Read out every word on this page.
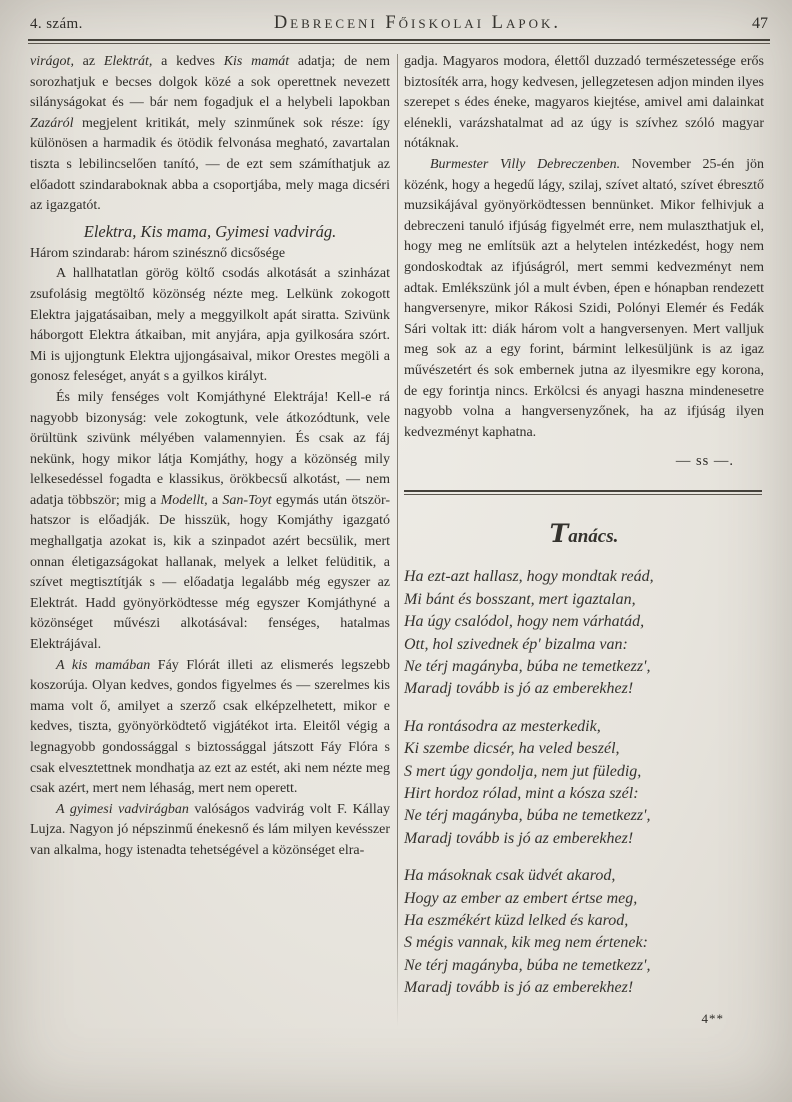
4. szám.	Debreceni Főiskolai Lapok.	47

virágot, az Elektrát, a kedves Kis mamát adatja; de nem sorozhatjuk e becses dolgok közé a sok operettnek nevezett silányságokat és — bár nem fogadjuk el a helybeli lapokban Zazáról megjelent kritikát, mely szinműnek sok része: így különösen a harmadik és ötödik felvonása megható, zavartalan tiszta s lebilincselően tanító, — de ezt sem számíthatjuk az előadott szindaraboknak abba a csoportjába, mely maga dicséri az igazgatót.

Elektra, Kis mama, Gyimesi vadvirág.

Három szindarab: három szinésznő dicsősége

A hallhatatlan görög költő csodás alkotását a szinházat zsufolásig megtöltő közönség nézte meg. Lelkünk zokogott Elektra jajgatásaiban, mely a meggyilkolt apát siratta. Szivünk háborgott Elektra átkaiban, mit anyjára, apja gyilkosára szórt. Mi is ujjongtunk Elektra ujjongásaival, mikor Orestes megöli a gonosz feleséget, anyát s a gyilkos királyt.

És mily fenséges volt Komjáthyné Elektrája! Kell-e rá nagyobb bizonyság: vele zokogtunk, vele átkozódtunk, vele örültünk szivünk mélyében valamennyien. És csak az fáj nekünk, hogy mikor látja Komjáthy, hogy a közönség mily lelkesedéssel fogadta e klassikus, örökbecsű alkotást, — nem adatja többször; mig a Modellt, a San-Toyt egymás után ötször-hatszor is előadják. De hisszük, hogy Komjáthy igazgató meghallgatja azokat is, kik a szinpadot azért becsülik, mert onnan életigazságokat hallanak, melyek a lelket felüditik, a szívet megtisztítják s — előadatja legalább még egyszer az Elektrát. Hadd gyönyörködtesse még egyszer Komjáthyné a közönséget művészi alkotásával: fenséges, hatalmas Elektrájával.

A kis mamában Fáy Flórát illeti az elismerés legszebb koszorúja. Olyan kedves, gondos figyelmes és — szerelmes kis mama volt ő, amilyet a szerző csak elképzelhetett, mikor e kedves, tiszta, gyönyörködtető vigjátékot irta. Eleitől végig a legnagyobb gondossággal s biztossággal játszott Fáy Flóra s csak elvesztettnek mondhatja az ezt az estét, aki nem nézte meg csak azért, mert nem léhaság, mert nem operett.

A gyimesi vadvirágban valóságos vadvirág volt F. Kállay Lujza. Nagyon jó népszinmű énekesnő és lám milyen kevésszer van alkalma, hogy istenadta tehetségével a közönséget elra-

gadja. Magyaros modora, élettől duzzadó természetessége erős biztosíték arra, hogy kedvesen, jellegzetesen adjon minden ilyes szerepet s édes éneke, magyaros kiejtése, amivel ami dalainkat elénekli, varázshatalmat ad az úgy is szívhez szóló magyar nótáknak.

Burmester Villy Debreczenben. November 25-én jön közénk, hogy a hegedű lágy, szilaj, szívet altató, szívet ébresztő muzsikájával gyönyörködtessen bennünket. Mikor felhivjuk a debreczeni tanuló ifjúság figyelmét erre, nem mulaszthatjuk el, hogy meg ne említsük azt a helytelen intézkedést, hogy nem gondoskodtak az ifjúságról, mert semmi kedvezményt nem adtak. Emlékszünk jól a mult évben, épen e hónapban rendezett hangversenyre, mikor Rákosi Szidi, Polónyi Elemér és Fedák Sári voltak itt: diák három volt a hangversenyen. Mert valljuk meg sok az a egy forint, bármint lelkesüljünk is az igaz művészetért és sok embernek jutna az ilyesmikre egy korona, de egy forintja nincs. Erkölcsi és anyagi haszna mindenesetre nagyobb volna a hangversenyzőnek, ha az ifjúság ilyen kedvezményt kaphatna.

— ss —.
Tanács.
Ha ezt-azt hallasz, hogy mondtak reád,
Mi bánt és bosszant, mert igaztalan,
Ha úgy csalódol, hogy nem várhatád,
Ott, hol szivednek ép' bizalma van:
Ne térj magányba, búba ne temetkezz',
Maradj tovább is jó az emberekhez!
Ha rontásodra az mesterkedik,
Ki szembe dicsér, ha veled beszél,
S mert úgy gondolja, nem jut füledig,
Hirt hordoz rólad, mint a kósza szél:
Ne térj magányba, búba ne temetkezz',
Maradj tovább is jó az emberekhez!
Ha másoknak csak üdvét akarod,
Hogy az ember az embert értse meg,
Ha eszmékért küzd lelked és karod,
S mégis vannak, kik meg nem értenek:
Ne térj magányba, búba ne temetkezz',
Maradj tovább is jó az emberekhez!
4**
